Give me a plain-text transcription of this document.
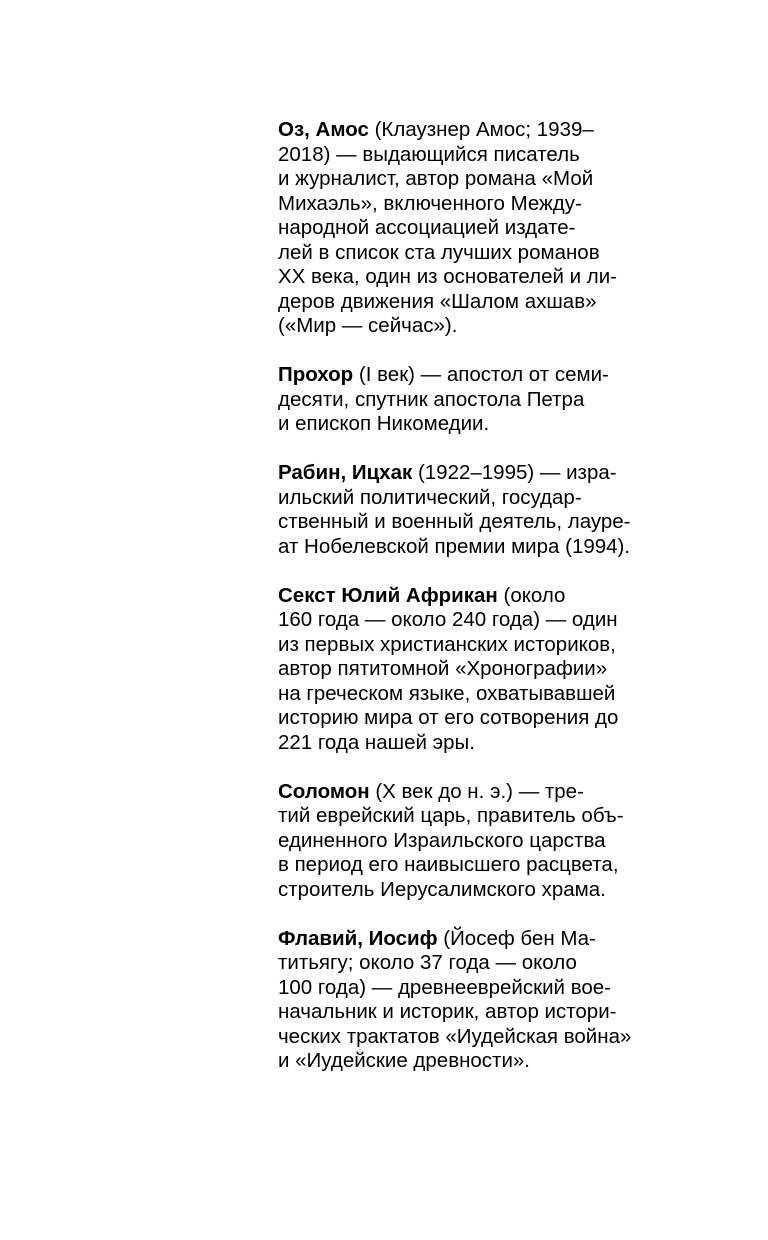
Оз, Амос (Клаузнер Амос; 1939–
2018) — выдающийся писатель
и журналист, автор романа «Мой
Михаэль», включенного Между-
народной ассоциацией издате-
лей в список ста лучших романов
XX века, один из основателей и ли-
деров движения «Шалом ахшав»
(«Мир — сейчас»).
Прохор (I век) — апостол от семи-
десяти, спутник апостола Петра
и епископ Никомедии.
Рабин, Ицхак (1922–1995) — изра-
ильский политический, государ-
ственный и военный деятель, лауре-
ат Нобелевской премии мира (1994).
Секст Юлий Африкан (около
160 года — около 240 года) — один
из первых христианских историков,
автор пятитомной «Хронографии»
на греческом языке, охватывавшей
историю мира от его сотворения до
221 года нашей эры.
Соломон (X век до н. э.) — тре-
тий еврейский царь, правитель объ-
единенного Израильского царства
в период его наивысшего расцвета,
строитель Иерусалимского храма.
Флавий, Иосиф (Йосеф бен Ма-
титьягу; около 37 года — около
100 года) — древнееврейский вое-
начальник и историк, автор истори-
ческих трактатов «Иудейская война»
и «Иудейские древности».
